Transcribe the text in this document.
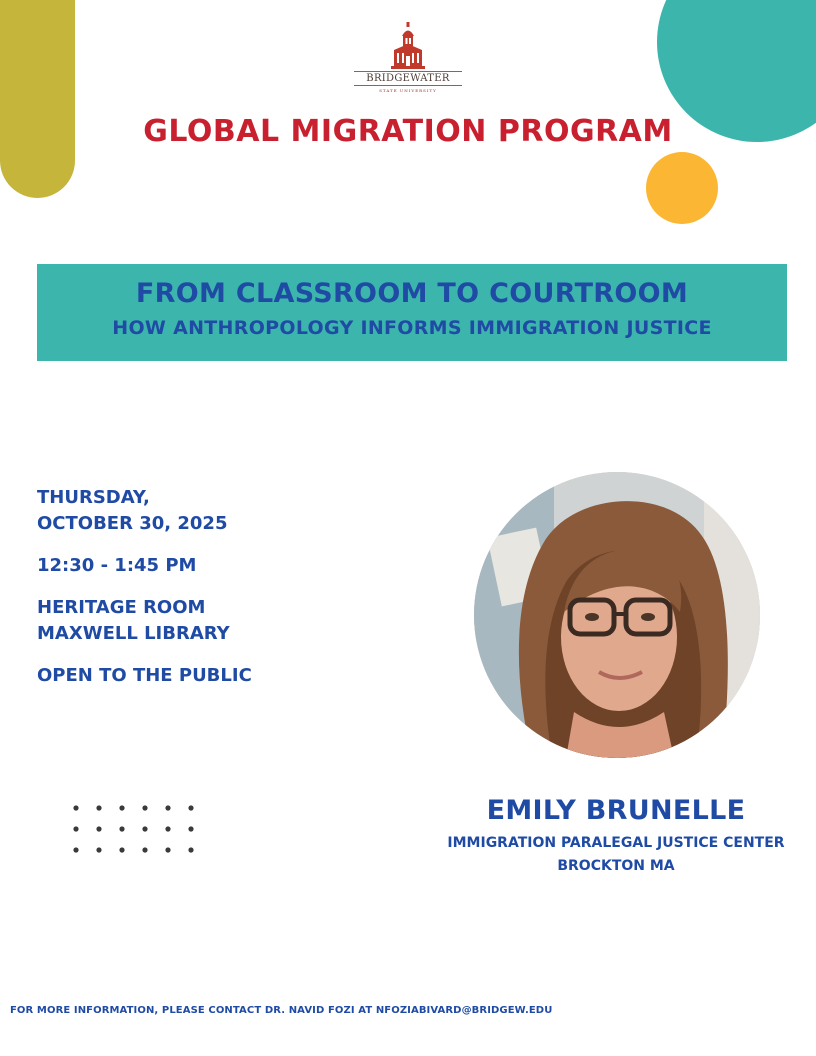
BRIDGEWATER
STATE UNIVERSITY
GLOBAL MIGRATION PROGRAM
FROM CLASSROOM TO COURTROOM
HOW ANTHROPOLOGY INFORMS IMMIGRATION JUSTICE
THURSDAY,
OCTOBER 30, 2025
12:30 - 1:45 PM
HERITAGE ROOM
MAXWELL LIBRARY
OPEN TO THE PUBLIC
EMILY BRUNELLE
IMMIGRATION PARALEGAL JUSTICE CENTER
BROCKTON MA
FOR MORE INFORMATION, PLEASE CONTACT DR. NAVID FOZI AT NFOZIABIVARD@BRIDGEW.EDU
